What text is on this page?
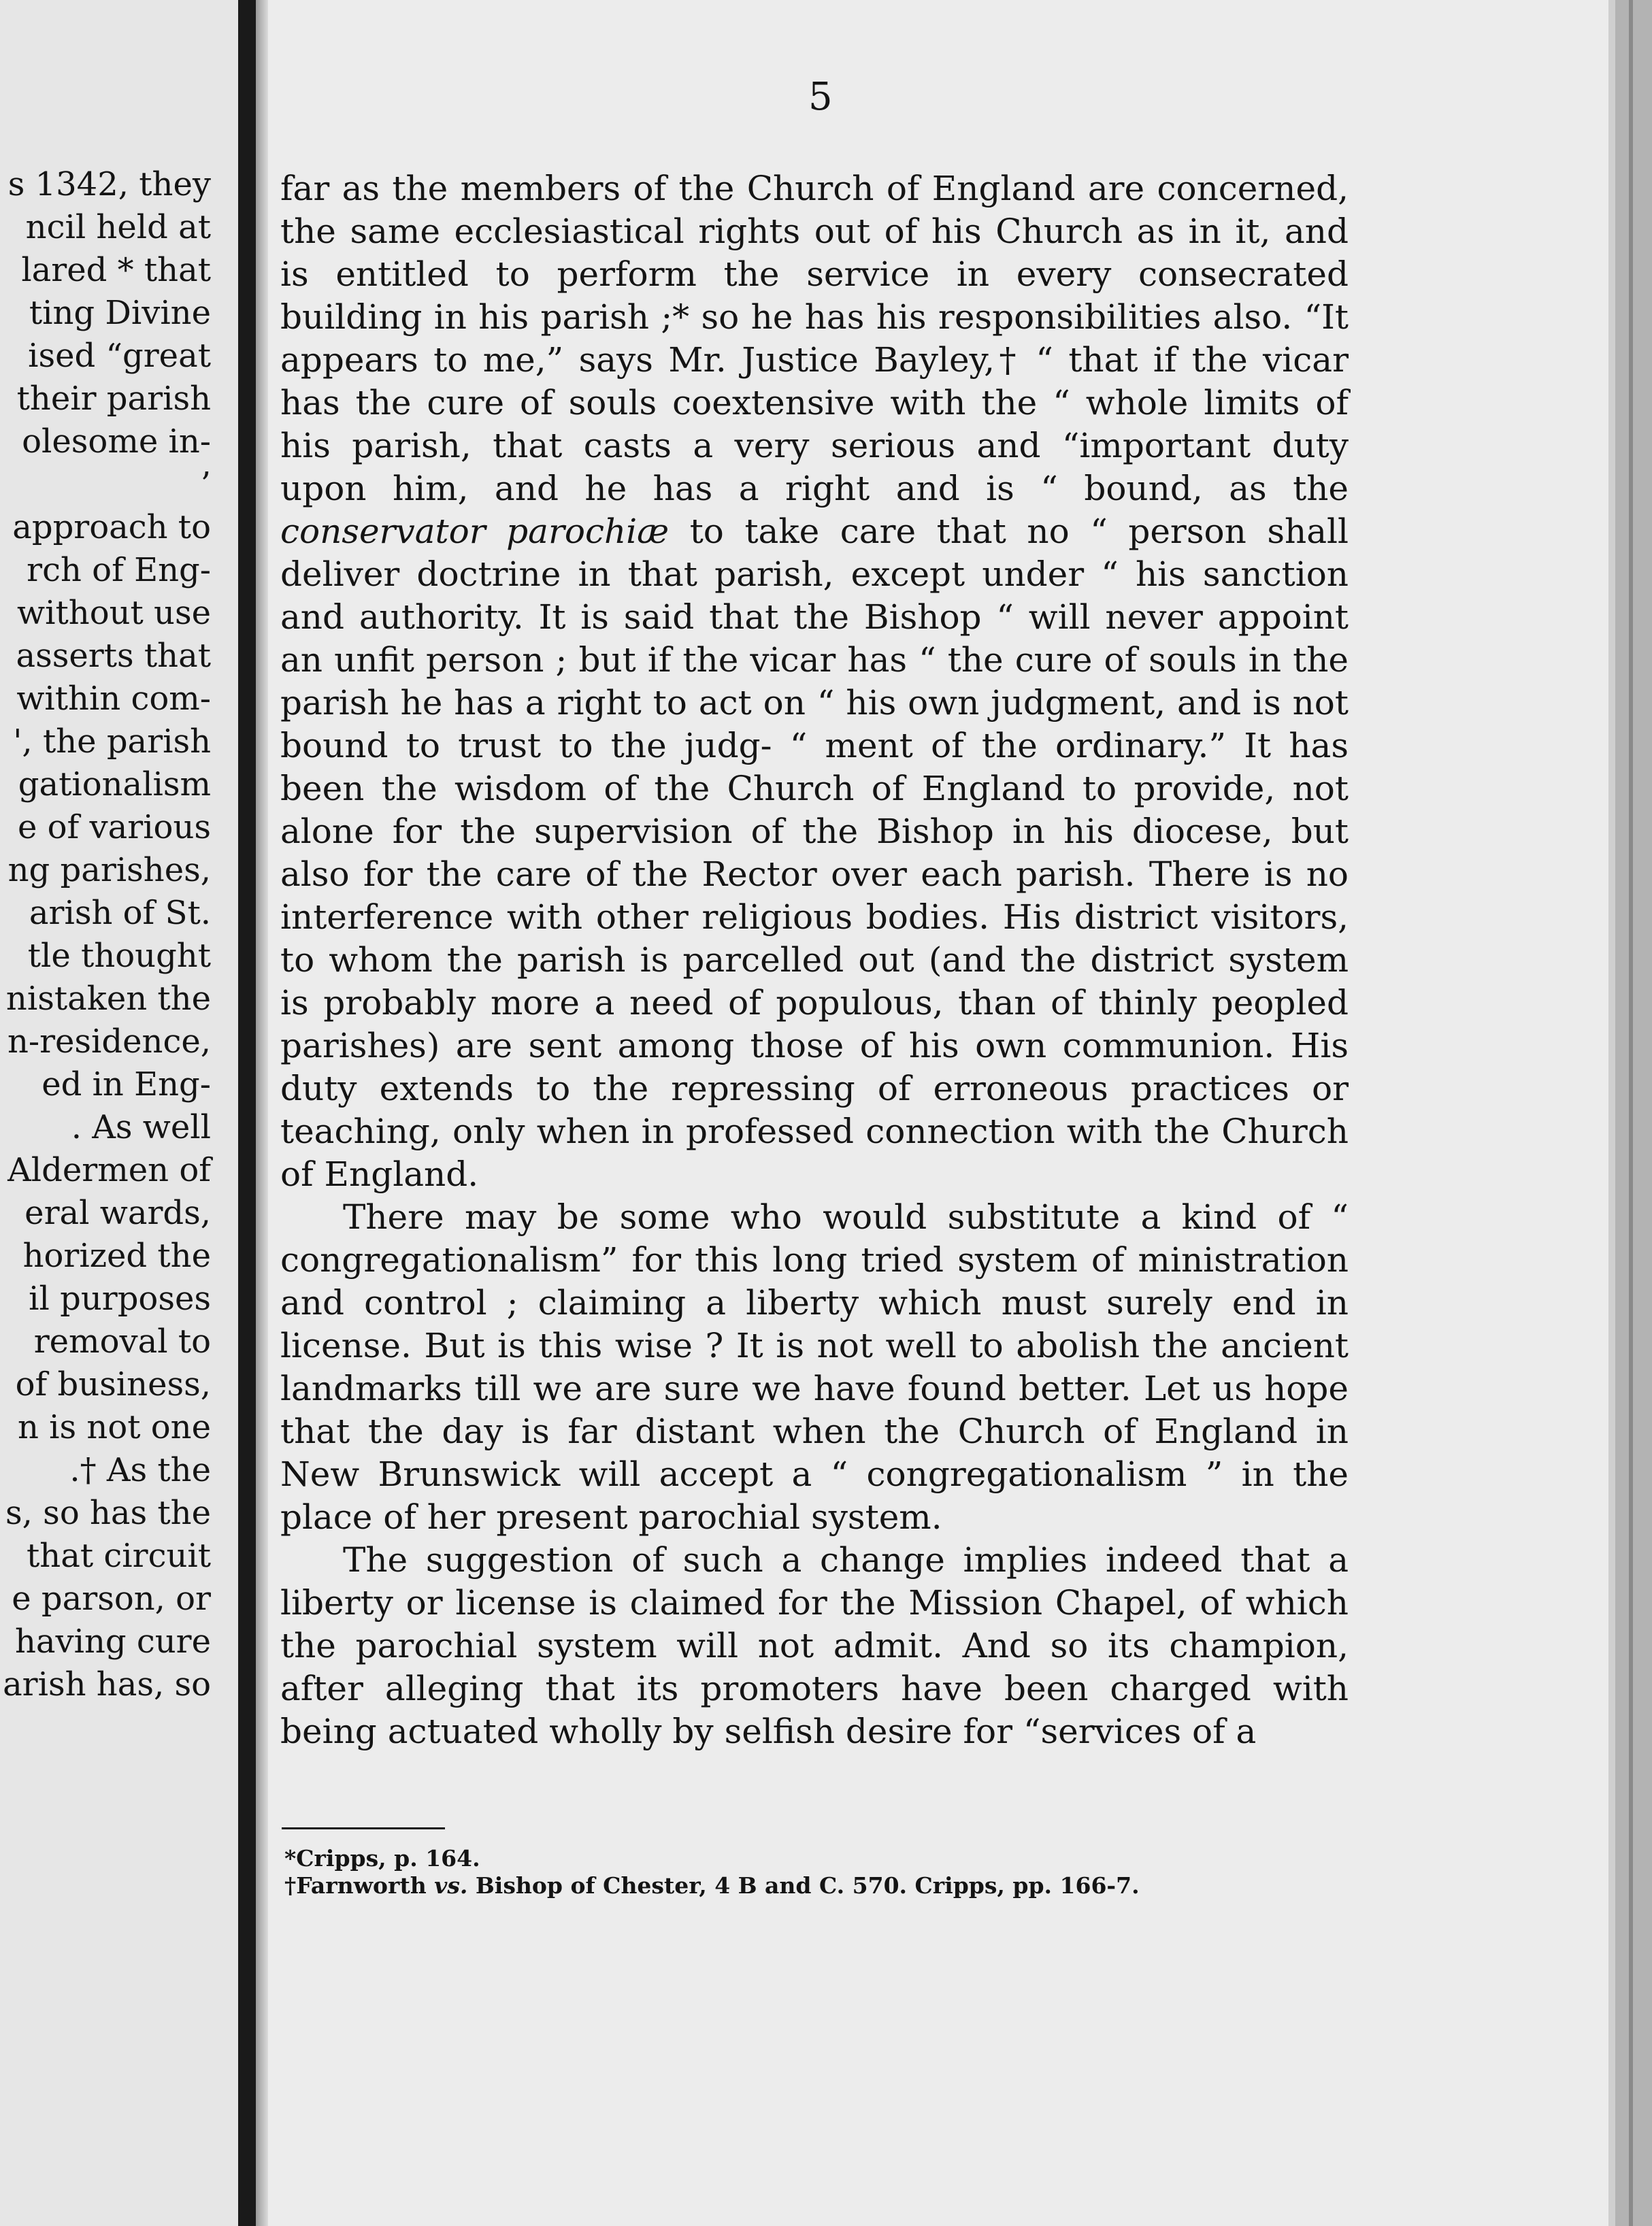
s 1342, they
ncil held at
lared * that
ting Divine
ised “great
their parish
olesome in-
’
approach to
rch of Eng-
without use
asserts that
within com-
', the parish
gationalism
e of various
ng parishes,
arish of St.
tle thought
nistaken the
n-residence,
ed in Eng-
. As well
Aldermen of
eral wards,
horized the
il purposes
removal to
of business,
n is not one
.† As the
s, so has the
that circuit
e parson, or
having cure
arish has, so
5

far as the members of the Church of England are concerned, the same ecclesiastical rights out of his Church as in it, and is entitled to perform the service in every consecrated building in his parish ;* so he has his responsibilities also. “It appears to me,” says Mr. Justice Bayley,† “ that if the vicar has the cure of souls coextensive with the “ whole limits of his parish, that casts a very serious and “important duty upon him, and he has a right and is “ bound, as the conservator parochiæ to take care that no “ person shall deliver doctrine in that parish, except under “ his sanction and authority. It is said that the Bishop “ will never appoint an unfit person ; but if the vicar has “ the cure of souls in the parish he has a right to act on “ his own judgment, and is not bound to trust to the judg- “ ment of the ordinary.” It has been the wisdom of the Church of England to provide, not alone for the supervision of the Bishop in his diocese, but also for the care of the Rector over each parish. There is no interference with other religious bodies. His district visitors, to whom the parish is parcelled out (and the district system is probably more a need of populous, than of thinly peopled parishes) are sent among those of his own communion. His duty extends to the repressing of erroneous practices or teaching, only when in professed connection with the Church of England.

There may be some who would substitute a kind of “ congregationalism” for this long tried system of ministration and control ; claiming a liberty which must surely end in license. But is this wise ? It is not well to abolish the ancient landmarks till we are sure we have found better. Let us hope that the day is far distant when the Church of England in New Brunswick will accept a “ congregationalism ” in the place of her present parochial system.

The suggestion of such a change implies indeed that a liberty or license is claimed for the Mission Chapel, of which the parochial system will not admit. And so its champion, after alleging that its promoters have been charged with being actuated wholly by selfish desire for “services of a

*Cripps, p. 164.
†Farnworth vs. Bishop of Chester, 4 B and C. 570. Cripps, pp. 166-7.
